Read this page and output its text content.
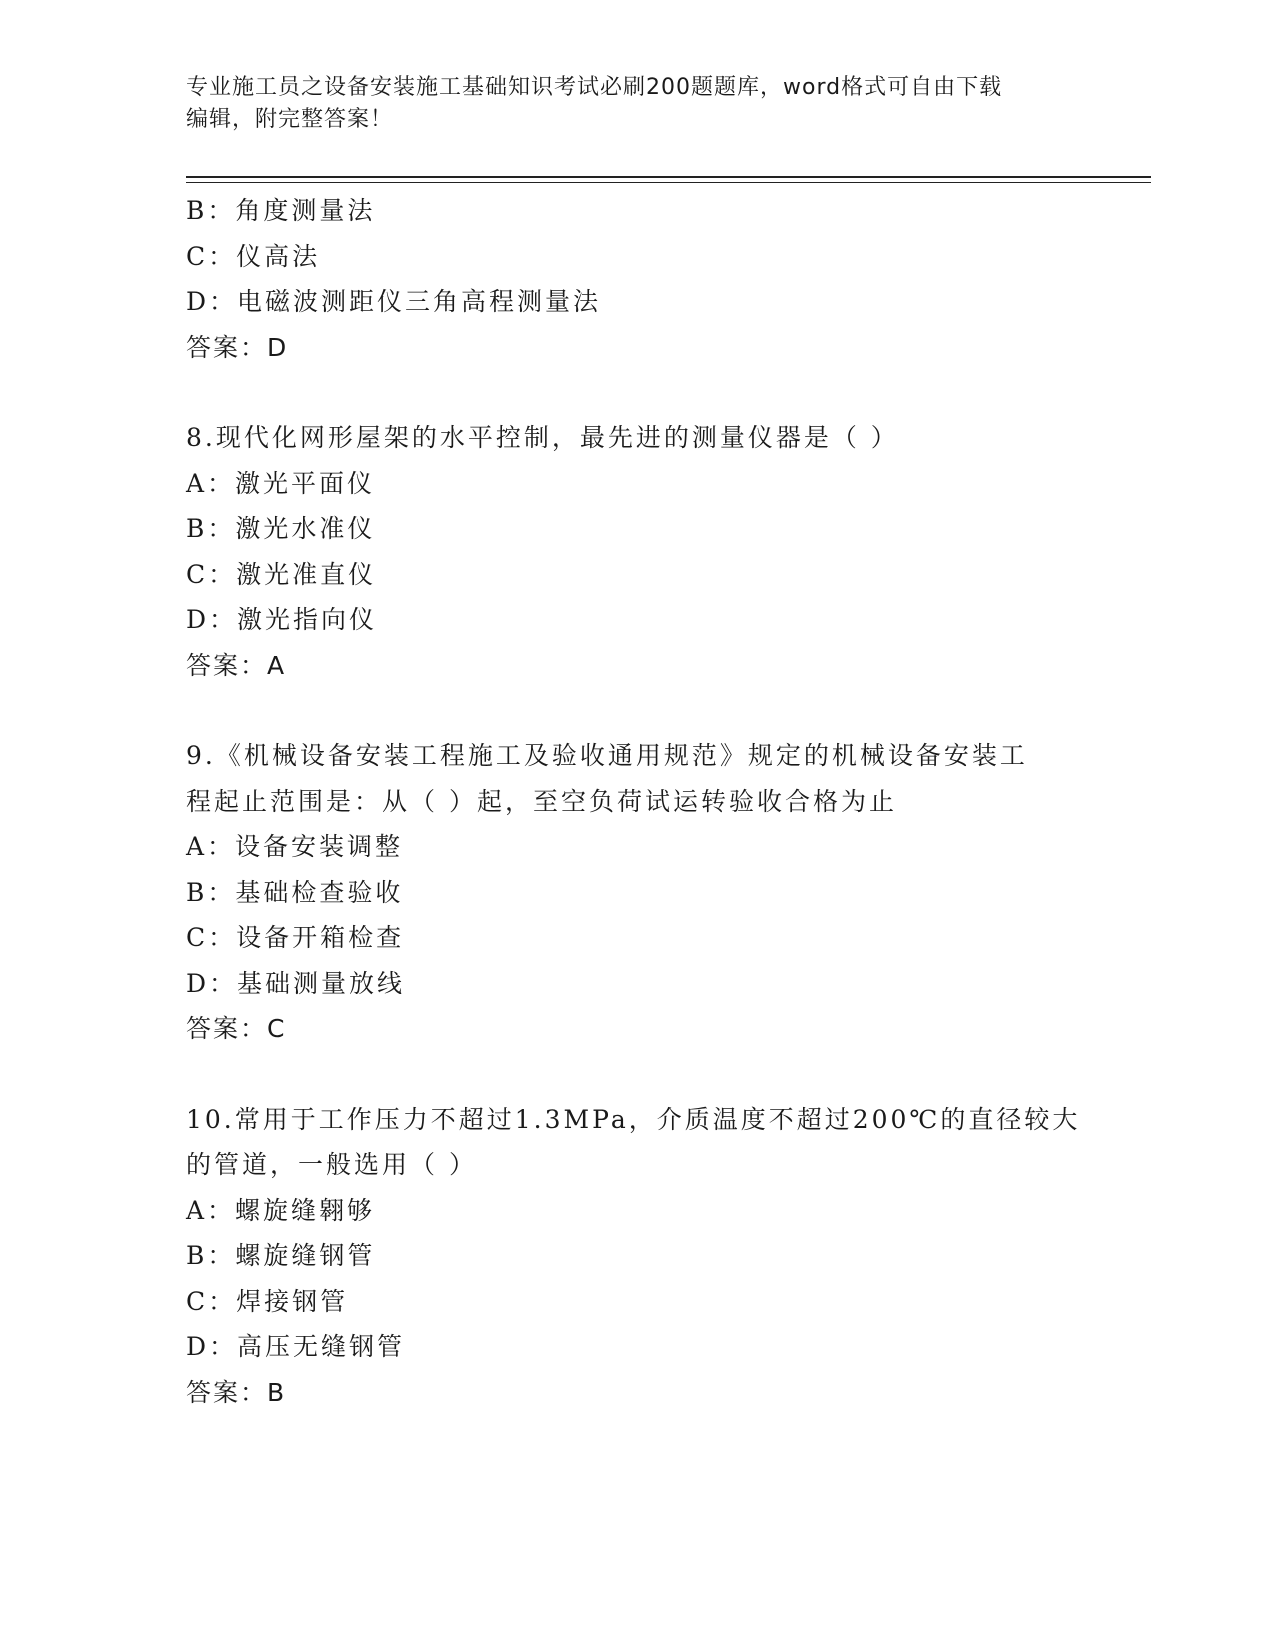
专业施工员之设备安装施工基础知识考试必刷200题题库，word格式可自由下载
编辑，附完整答案！
B：角度测量法
C：仪高法
D：电磁波测距仪三角高程测量法
答案：D
8.现代化网形屋架的水平控制，最先进的测量仪器是（ ）
A：激光平面仪
B：激光水准仪
C：激光准直仪
D：激光指向仪
答案：A
9.《机械设备安装工程施工及验收通用规范》规定的机械设备安装工
程起止范围是：从（ ）起，至空负荷试运转验收合格为止
A：设备安装调整
B：基础检查验收
C：设备开箱检查
D：基础测量放线
答案：C
10.常用于工作压力不超过1.3MPa，介质温度不超过200℃的直径较大
的管道，一般选用（ ）
A：螺旋缝翱够
B：螺旋缝钢管
C：焊接钢管
D：高压无缝钢管
答案：B
